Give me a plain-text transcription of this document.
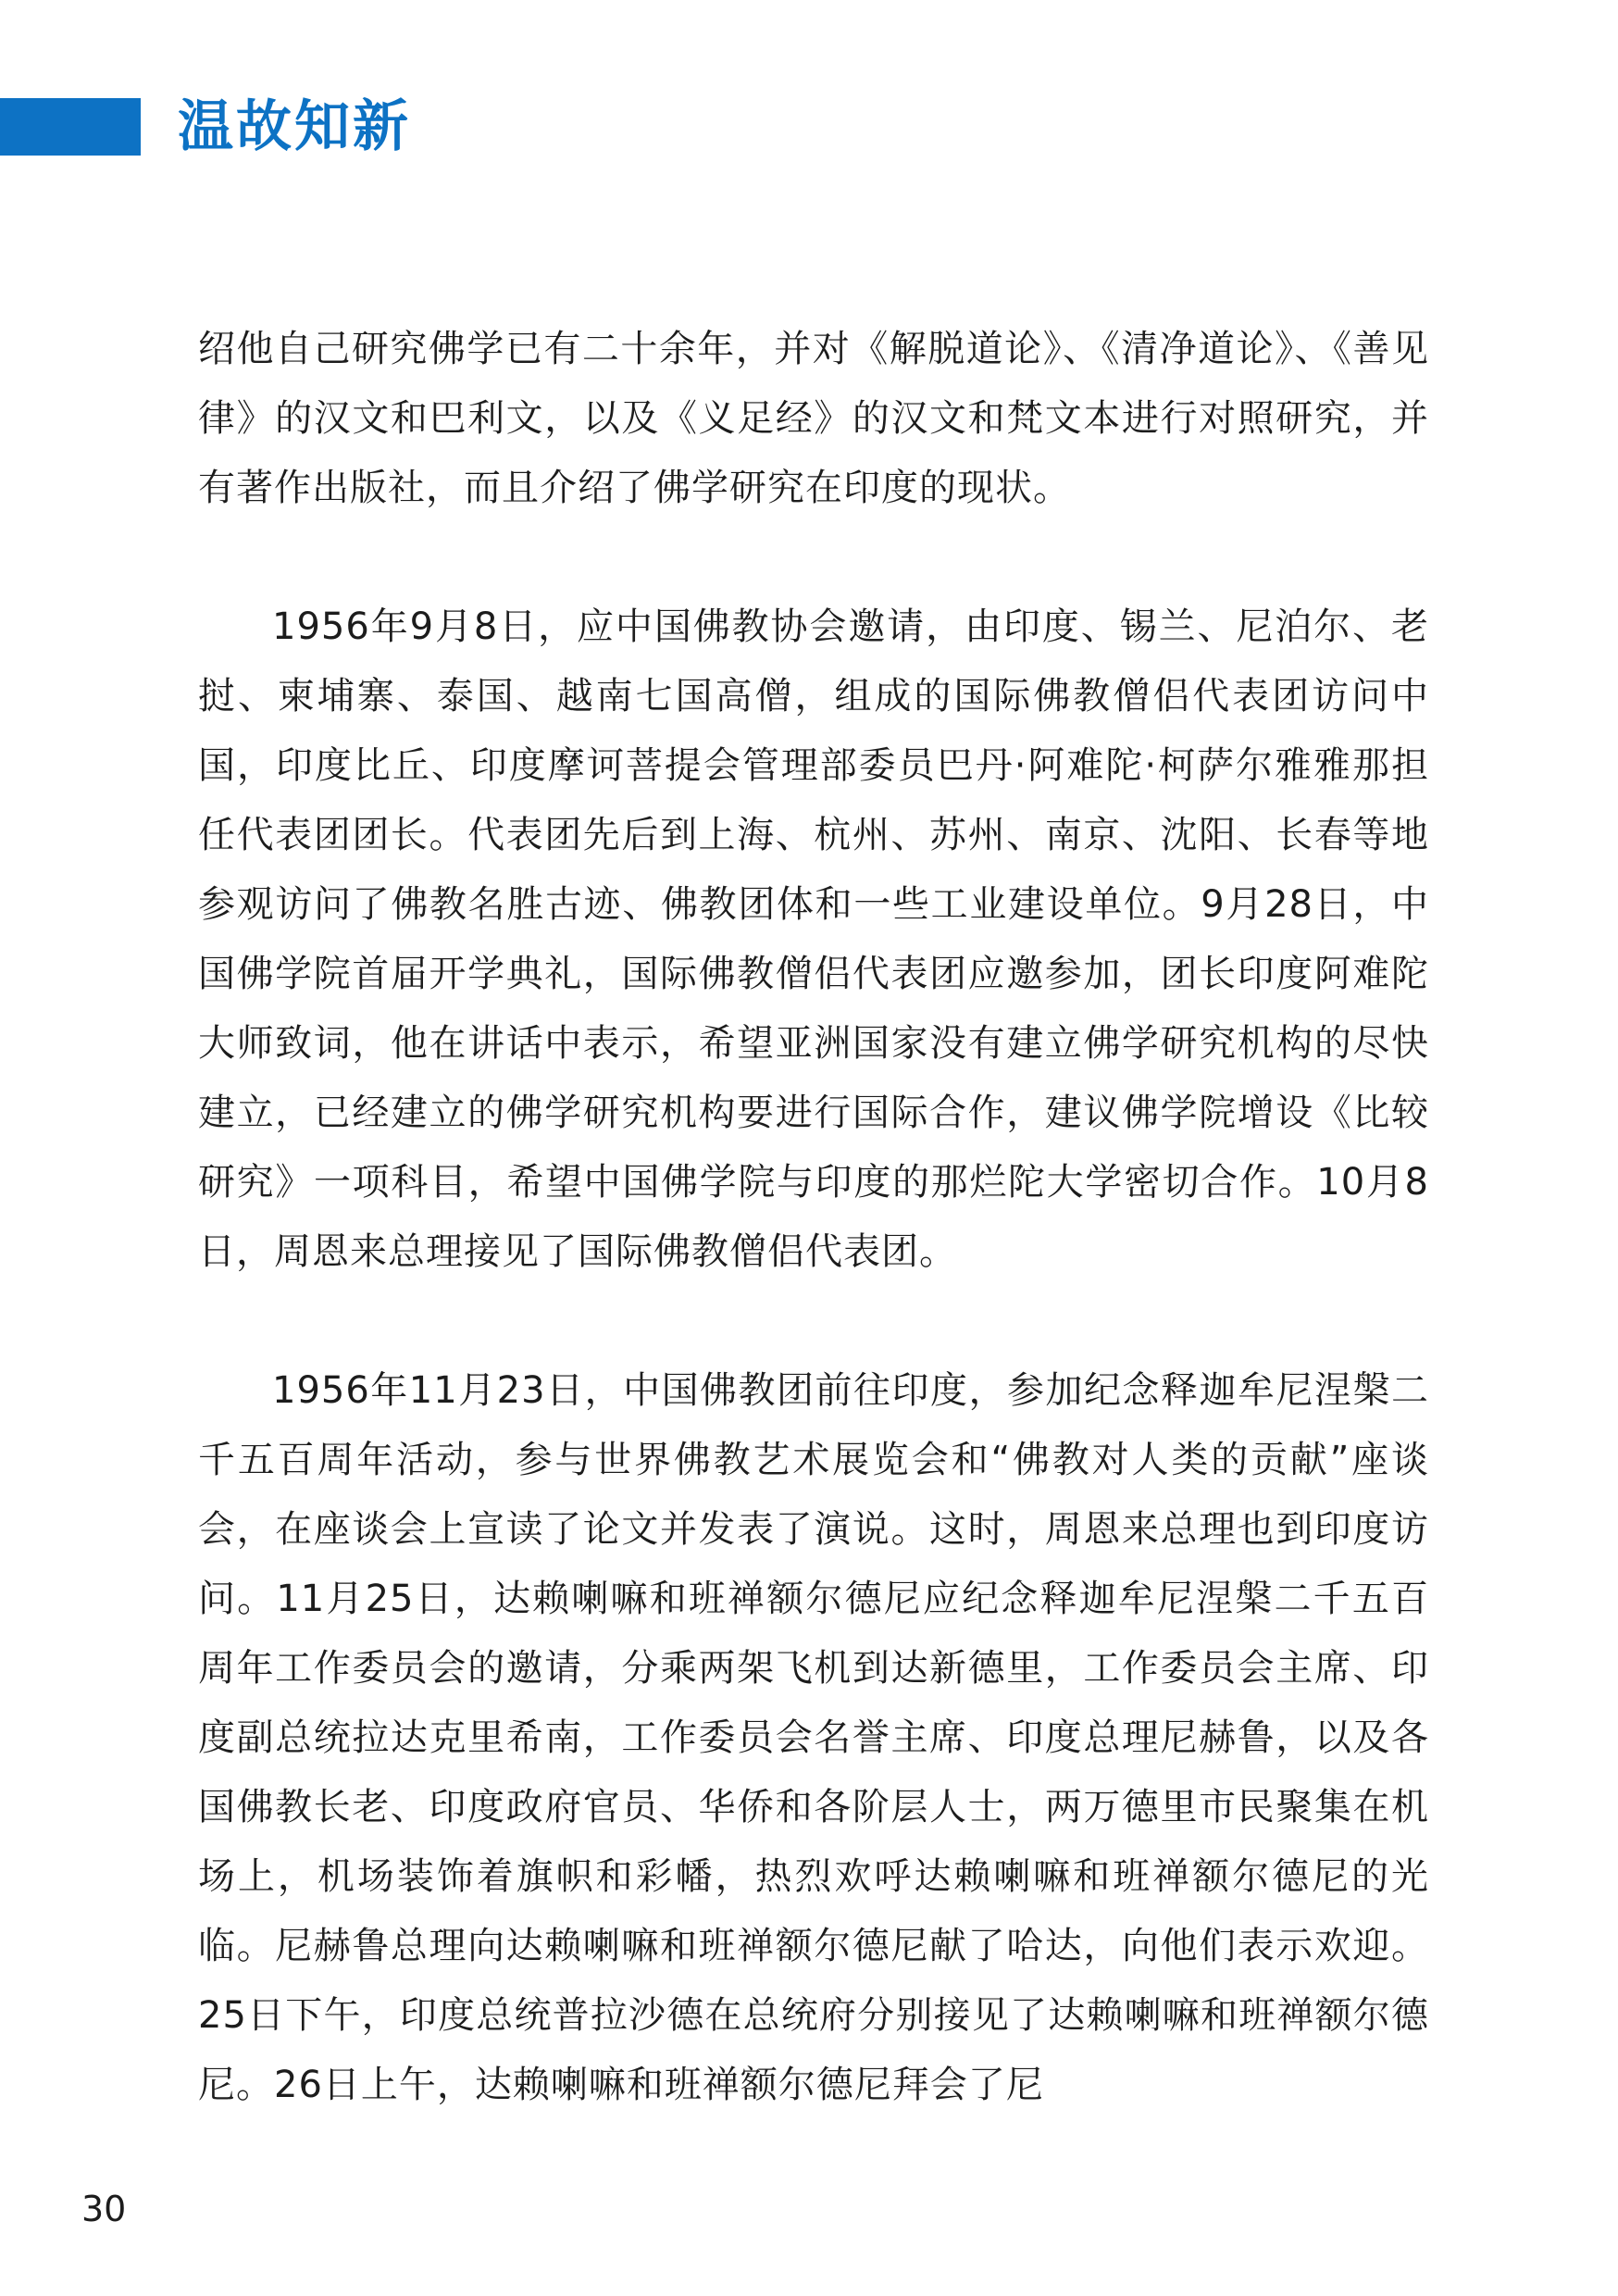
温故知新

绍他自己研究佛学已有二十余年，并对《解脱道论》、《清净道论》、《善见律》的汉文和巴利文，以及《义足经》的汉文和梵文本进行对照研究，并有著作出版社，而且介绍了佛学研究在印度的现状。

1956年9月8日，应中国佛教协会邀请，由印度、锡兰、尼泊尔、老挝、柬埔寨、泰国、越南七国高僧，组成的国际佛教僧侣代表团访问中国，印度比丘、印度摩诃菩提会管理部委员巴丹·阿难陀·柯萨尔雅雅那担任代表团团长。代表团先后到上海、杭州、苏州、南京、沈阳、长春等地参观访问了佛教名胜古迹、佛教团体和一些工业建设单位。9月28日，中国佛学院首届开学典礼，国际佛教僧侣代表团应邀参加，团长印度阿难陀大师致词，他在讲话中表示，希望亚洲国家没有建立佛学研究机构的尽快建立，已经建立的佛学研究机构要进行国际合作，建议佛学院增设《比较研究》一项科目，希望中国佛学院与印度的那烂陀大学密切合作。10月8日，周恩来总理接见了国际佛教僧侣代表团。

1956年11月23日，中国佛教团前往印度，参加纪念释迦牟尼涅槃二千五百周年活动，参与世界佛教艺术展览会和“佛教对人类的贡献”座谈会，在座谈会上宣读了论文并发表了演说。这时，周恩来总理也到印度访问。11月25日，达赖喇嘛和班禅额尔德尼应纪念释迦牟尼涅槃二千五百周年工作委员会的邀请，分乘两架飞机到达新德里，工作委员会主席、印度副总统拉达克里希南，工作委员会名誉主席、印度总理尼赫鲁，以及各国佛教长老、印度政府官员、华侨和各阶层人士，两万德里市民聚集在机场上，机场装饰着旗帜和彩幡，热烈欢呼达赖喇嘛和班禅额尔德尼的光临。尼赫鲁总理向达赖喇嘛和班禅额尔德尼献了哈达，向他们表示欢迎。25日下午，印度总统普拉沙德在总统府分别接见了达赖喇嘛和班禅额尔德尼。26日上午，达赖喇嘛和班禅额尔德尼拜会了尼

30
